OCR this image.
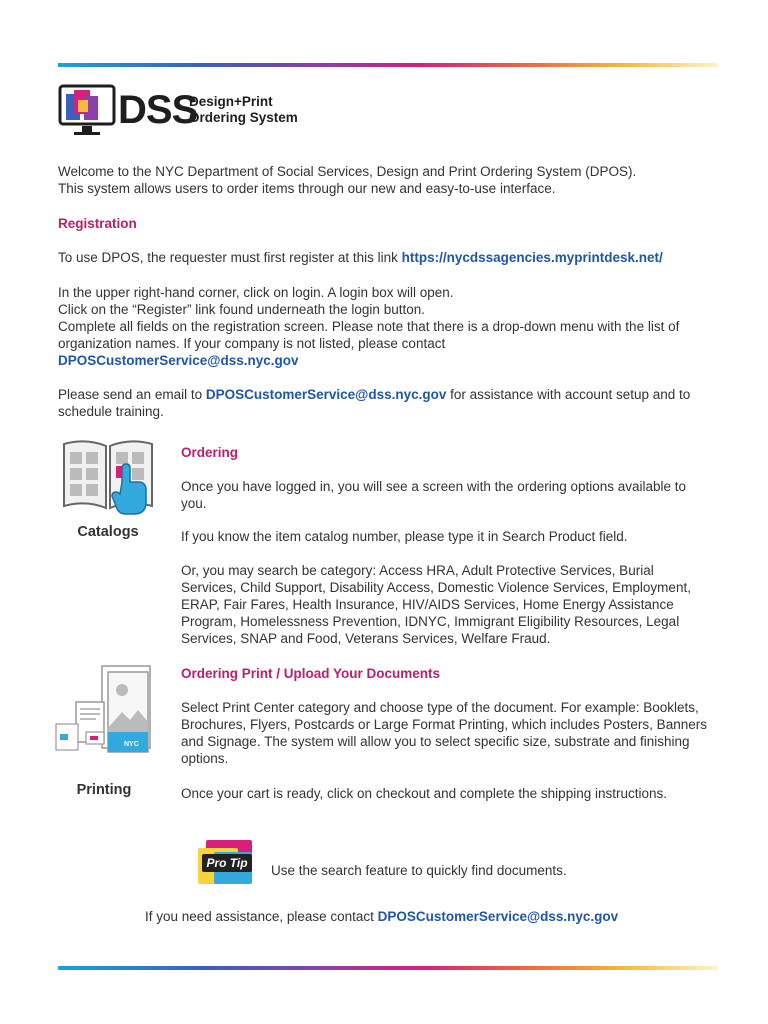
DSS
Design+Print
Ordering System

Welcome to the NYC Department of Social Services, Design and Print Ordering System (DPOS).

This system allows users to order items through our new and easy-to-use interface.

Registration

To use DPOS, the requester must first register at this link https://nycdssagencies.myprintdesk.net/

In the upper right-hand corner, click on login. A login box will open.

Click on the “Register” link found underneath the login button.

Complete all fields on the registration screen. Please note that there is a drop-down menu with the list of organization names. If your company is not listed, please contact

DPOSCustomerService@dss.nyc.gov

Please send an email to DPOSCustomerService@dss.nyc.gov for assistance with account setup and to schedule training.

Catalogs
Ordering
Once you have logged in, you will see a screen with the ordering options available to you.
If you know the item catalog number, please type it in Search Product field.
Or, you may search be category: Access HRA, Adult Protective Services, Burial Services, Child Support, Disability Access, Domestic Violence Services, Employment, ERAP, Fair Fares, Health Insurance, HIV/AIDS Services, Home Energy Assistance Program, Homelessness Prevention, IDNYC, Immigrant Eligibility Resources, Legal Services, SNAP and Food, Veterans Services, Welfare Fraud.
NYC
Printing
Ordering Print / Upload Your Documents
Select Print Center category and choose type of the document. For example: Booklets, Brochures, Flyers, Postcards or Large Format Printing, which includes Posters, Banners and Signage. The system will allow you to select specific size, substrate and finishing options.
Once your cart is ready, click on checkout and complete the shipping instructions.
Pro Tip	Use the search feature to quickly find documents.
If you need assistance, please contact DPOSCustomerService@dss.nyc.gov
